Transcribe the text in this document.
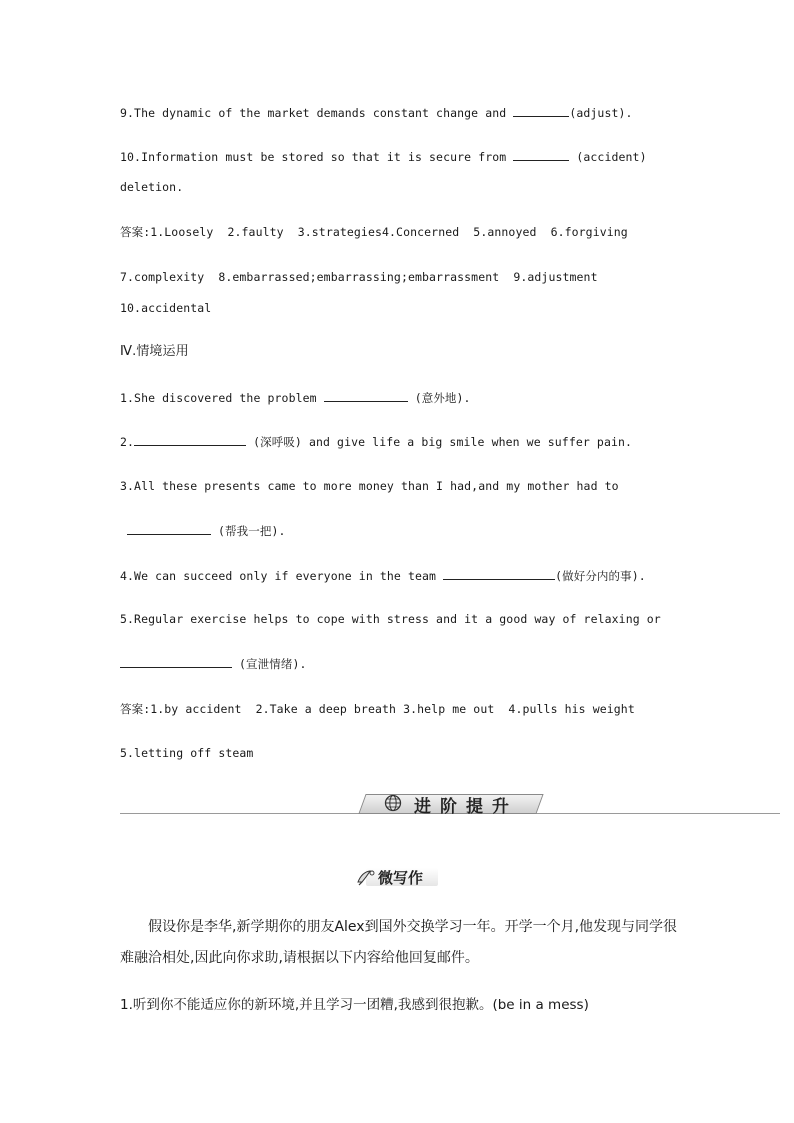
9.The dynamic of the market demands constant change and	(adjust).
10.Information must be stored so that it is secure from	(accident)
deletion.
答案:1.Loosely  2.faulty  3.strategies4.Concerned  5.annoyed  6.forgiving
7.complexity  8.embarrassed;embarrassing;embarrassment  9.adjustment
10.accidental
Ⅳ.情境运用
1.She discovered the problem	(意外地).
2.	(深呼吸) and give life a big smile when we suffer pain.
3.All these presents came to more money than I had,and my mother had to
(帮我一把).
4.We can succeed only if everyone in the team	(做好分内的事).
5.Regular exercise helps to cope with stress and it a good way of relaxing or
(宣泄情绪).
答案:1.by accident  2.Take a deep breath 3.help me out  4.pulls his weight
5.letting off steam
进阶提升
微写作
假设你是李华,新学期你的朋友Alex到国外交换学习一年。开学一个月,他发现与同学很难融洽相处,因此向你求助,请根据以下内容给他回复邮件。
1.听到你不能适应你的新环境,并且学习一团糟,我感到很抱歉。(be in a mess)
